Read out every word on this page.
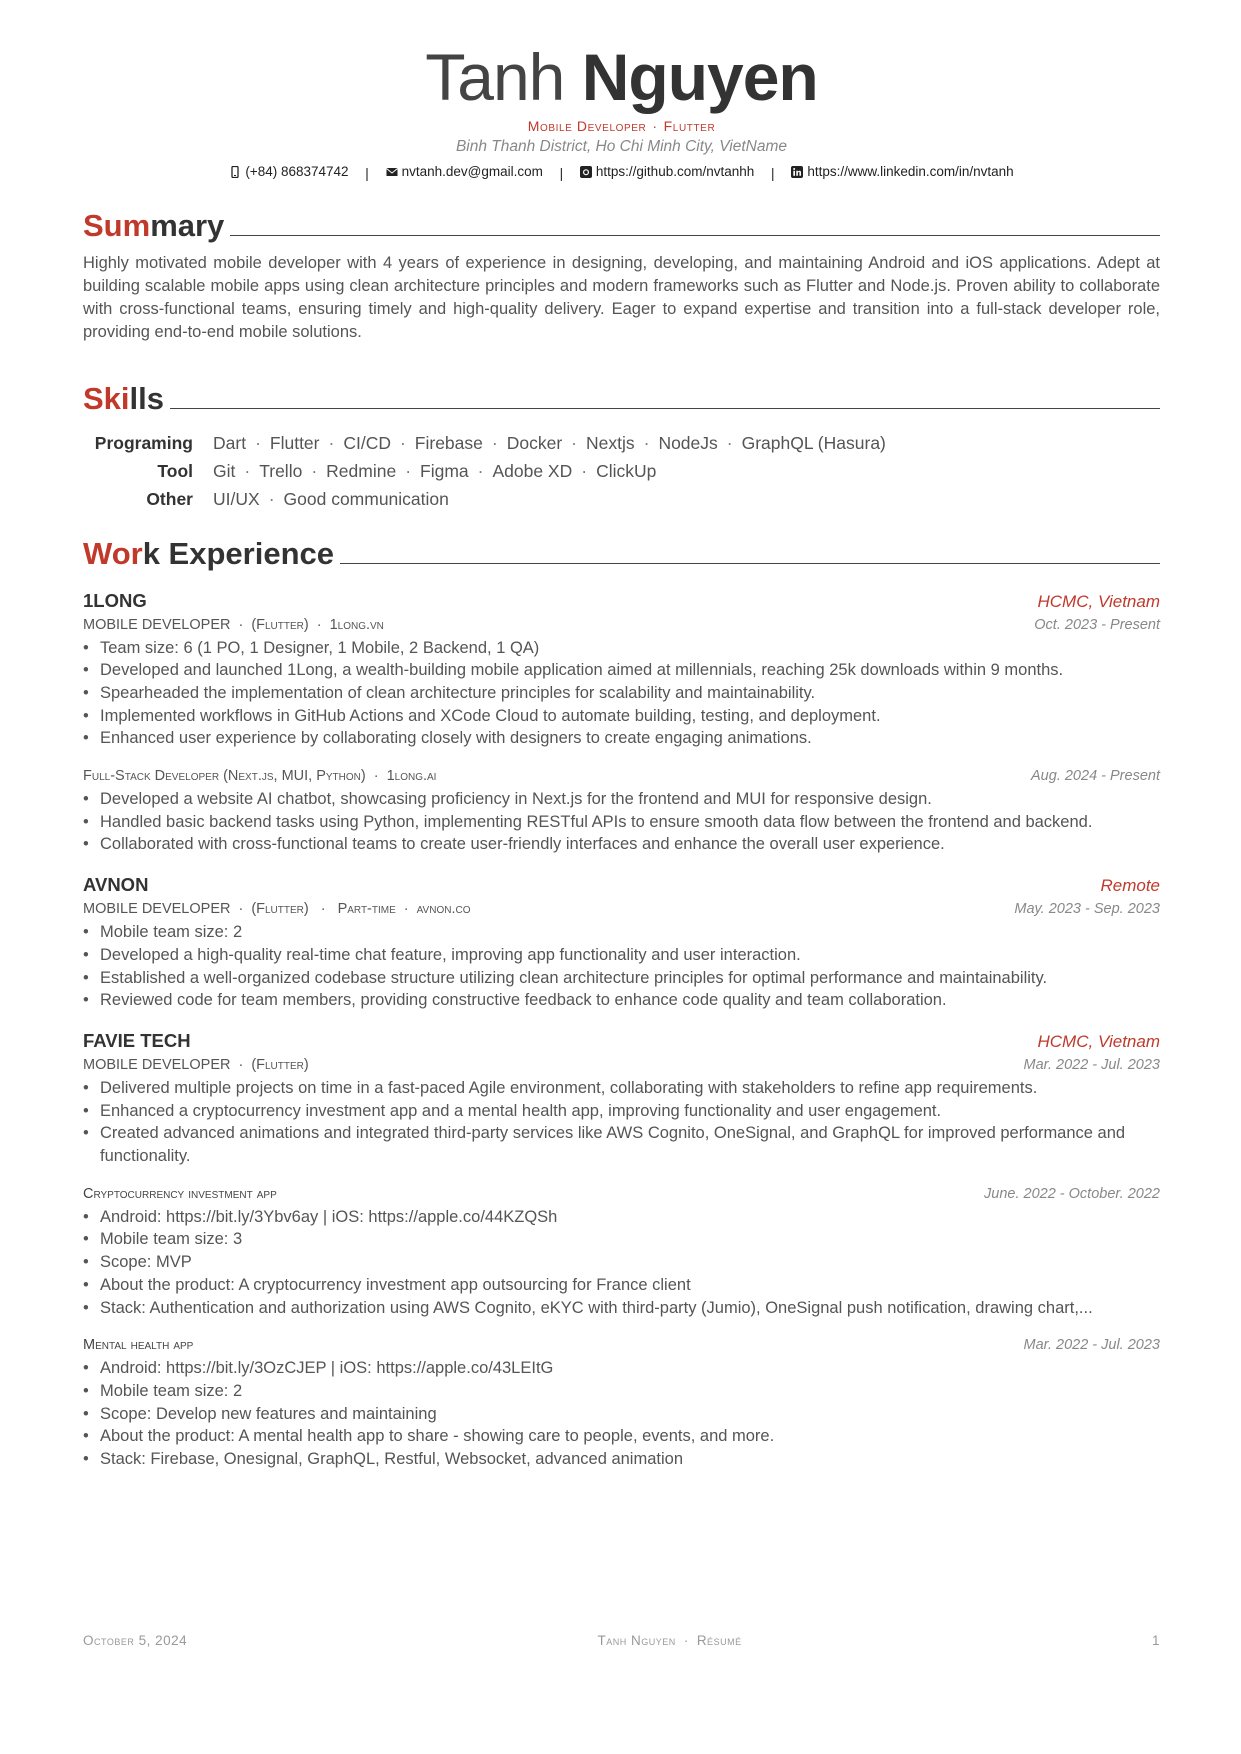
Tanh Nguyen
Mobile Developer · Flutter
Binh Thanh District, Ho Chi Minh City, VietName
(+84) 868374742 | nvtanh.dev@gmail.com | https://github.com/nvtanhh | https://www.linkedin.com/in/nvtanh
Summary
Highly motivated mobile developer with 4 years of experience in designing, developing, and maintaining Android and iOS applications. Adept at building scalable mobile apps using clean architecture principles and modern frameworks such as Flutter and Node.js. Proven ability to collaborate with cross-functional teams, ensuring timely and high-quality delivery. Eager to expand expertise and transition into a full-stack developer role, providing end-to-end mobile solutions.
Skills
Programing	Dart · Flutter · CI/CD · Firebase · Docker · Nextjs · NodeJs · GraphQL (Hasura)
Tool	Git · Trello · Redmine · Figma · Adobe XD · ClickUp
Other	UI/UX · Good communication
Work Experience
1LONG	HCMC, Vietnam
MOBILE DEVELOPER · (Flutter) · 1long.vn	Oct. 2023 - Present
• Team size: 6 (1 PO, 1 Designer, 1 Mobile, 2 Backend, 1 QA)
• Developed and launched 1Long, a wealth-building mobile application aimed at millennials, reaching 25k downloads within 9 months.
• Spearheaded the implementation of clean architecture principles for scalability and maintainability.
• Implemented workflows in GitHub Actions and XCode Cloud to automate building, testing, and deployment.
• Enhanced user experience by collaborating closely with designers to create engaging animations.
Full-Stack Developer (Next.js, MUI, Python) · 1long.ai	Aug. 2024 - Present
• Developed a website AI chatbot, showcasing proficiency in Next.js for the frontend and MUI for responsive design.
• Handled basic backend tasks using Python, implementing RESTful APIs to ensure smooth data flow between the frontend and backend.
• Collaborated with cross-functional teams to create user-friendly interfaces and enhance the overall user experience.
AVNON	Remote
MOBILE DEVELOPER · (Flutter) · Part-time · avnon.co	May. 2023 - Sep. 2023
• Mobile team size: 2
• Developed a high-quality real-time chat feature, improving app functionality and user interaction.
• Established a well-organized codebase structure utilizing clean architecture principles for optimal performance and maintainability.
• Reviewed code for team members, providing constructive feedback to enhance code quality and team collaboration.
FAVIE TECH	HCMC, Vietnam
MOBILE DEVELOPER · (Flutter)	Mar. 2022 - Jul. 2023
• Delivered multiple projects on time in a fast-paced Agile environment, collaborating with stakeholders to refine app requirements.
• Enhanced a cryptocurrency investment app and a mental health app, improving functionality and user engagement.
• Created advanced animations and integrated third-party services like AWS Cognito, OneSignal, and GraphQL for improved performance and functionality.
Cryptocurrency investment app	June. 2022 - October. 2022
• Android: https://bit.ly/3Ybv6ay | iOS: https://apple.co/44KZQSh
• Mobile team size: 3
• Scope: MVP
• About the product: A cryptocurrency investment app outsourcing for France client
• Stack: Authentication and authorization using AWS Cognito, eKYC with third-party (Jumio), OneSignal push notification, drawing chart,...
Mental health app	Mar. 2022 - Jul. 2023
• Android: https://bit.ly/3OzCJEP | iOS: https://apple.co/43LEItG
• Mobile team size: 2
• Scope: Develop new features and maintaining
• About the product: A mental health app to share - showing care to people, events, and more.
• Stack: Firebase, Onesignal, GraphQL, Restful, Websocket, advanced animation
October 5, 2024	Tanh Nguyen · Résumé	1
